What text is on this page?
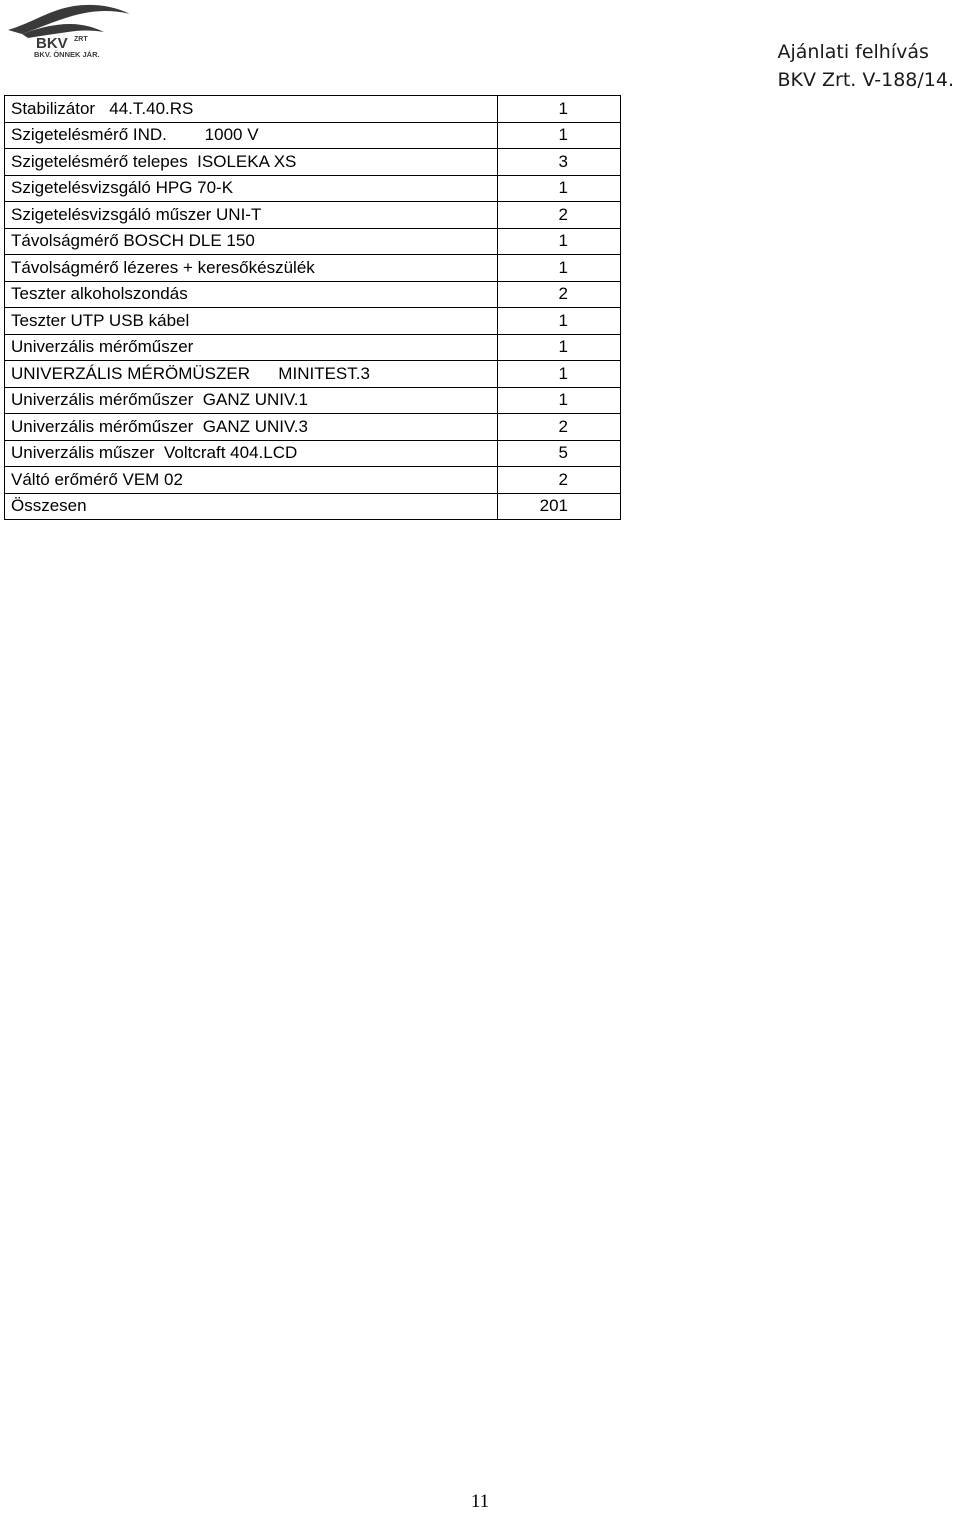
BKV ZRT
BKV. ÖNNEK JÁR.	Ajánlati felhívás
BKV Zrt. V-188/14.
Stabilizátor   44.T.40.RS	1
Szigetelésmérő IND.        1000 V	1
Szigetelésmérő telepes  ISOLEKA XS	3
Szigetelésvizsgáló HPG 70-K	1
Szigetelésvizsgáló műszer UNI-T	2
Távolságmérő BOSCH DLE 150	1
Távolságmérő lézeres + keresőkészülék	1
Teszter alkoholszondás	2
Teszter UTP USB kábel	1
Univerzális mérőműszer	1
UNIVERZÁLIS MÉRÖMÜSZER      MINITEST.3	1
Univerzális mérőműszer  GANZ UNIV.1	1
Univerzális mérőműszer  GANZ UNIV.3	2
Univerzális műszer  Voltcraft 404.LCD	5
Váltó erőmérő VEM 02	2
Összesen	201
11
